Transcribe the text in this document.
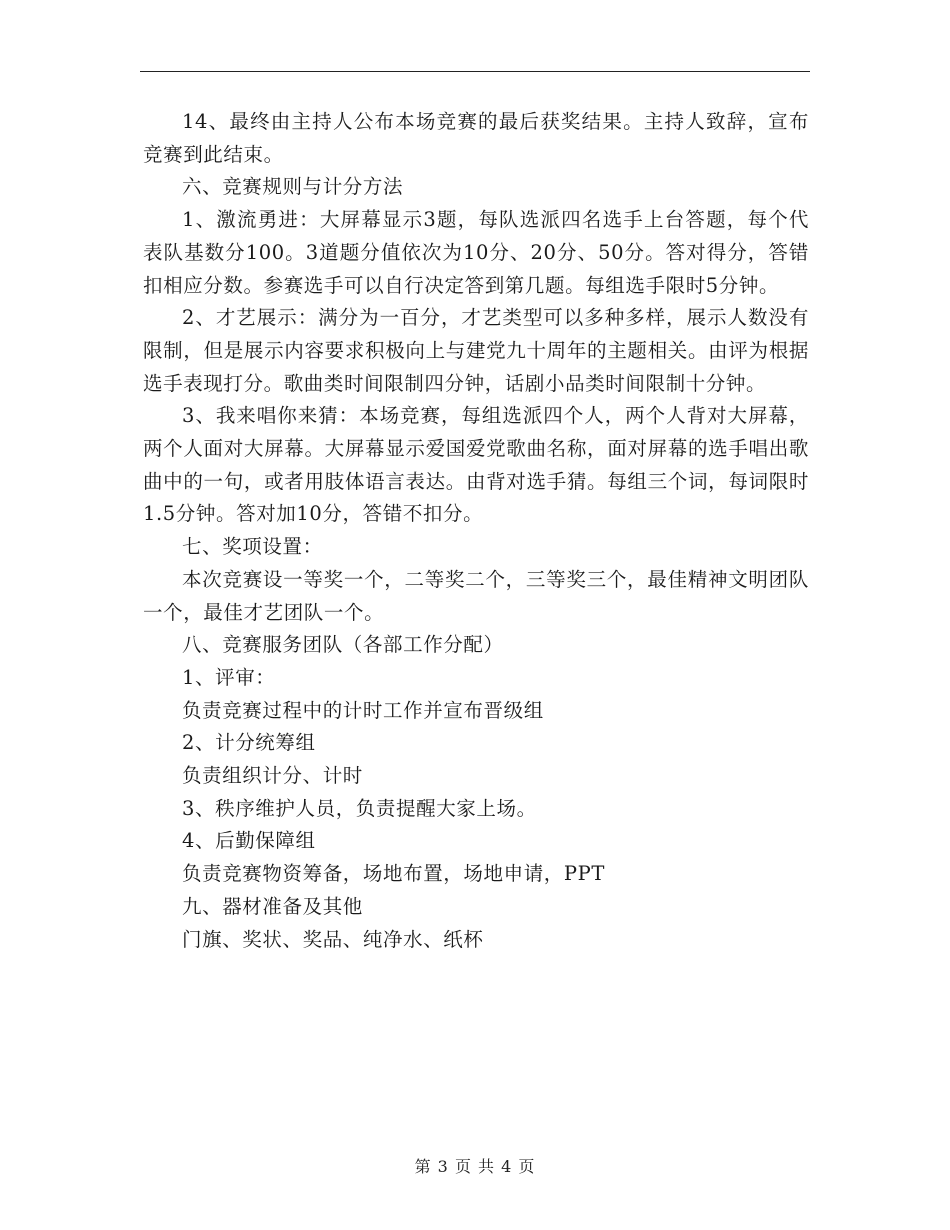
14、最终由主持人公布本场竞赛的最后获奖结果。主持人致辞，宣布竞赛到此结束。

六、竞赛规则与计分方法

1、激流勇进：大屏幕显示3题，每队选派四名选手上台答题，每个代表队基数分100。3道题分值依次为10分、20分、50分。答对得分，答错扣相应分数。参赛选手可以自行决定答到第几题。每组选手限时5分钟。

2、才艺展示：满分为一百分，才艺类型可以多种多样，展示人数没有限制，但是展示内容要求积极向上与建党九十周年的主题相关。由评为根据选手表现打分。歌曲类时间限制四分钟，话剧小品类时间限制十分钟。

3、我来唱你来猜：本场竞赛，每组选派四个人，两个人背对大屏幕，两个人面对大屏幕。大屏幕显示爱国爱党歌曲名称，面对屏幕的选手唱出歌曲中的一句，或者用肢体语言表达。由背对选手猜。每组三个词，每词限时1.5分钟。答对加10分，答错不扣分。

七、奖项设置：

本次竞赛设一等奖一个，二等奖二个，三等奖三个，最佳精神文明团队一个，最佳才艺团队一个。

八、竞赛服务团队（各部工作分配）

1、评审：

负责竞赛过程中的计时工作并宣布晋级组

2、计分统筹组

负责组织计分、计时

3、秩序维护人员，负责提醒大家上场。

4、后勤保障组

负责竞赛物资筹备，场地布置，场地申请，PPT

九、器材准备及其他

门旗、奖状、奖品、纯净水、纸杯

第 3 页 共 4 页
